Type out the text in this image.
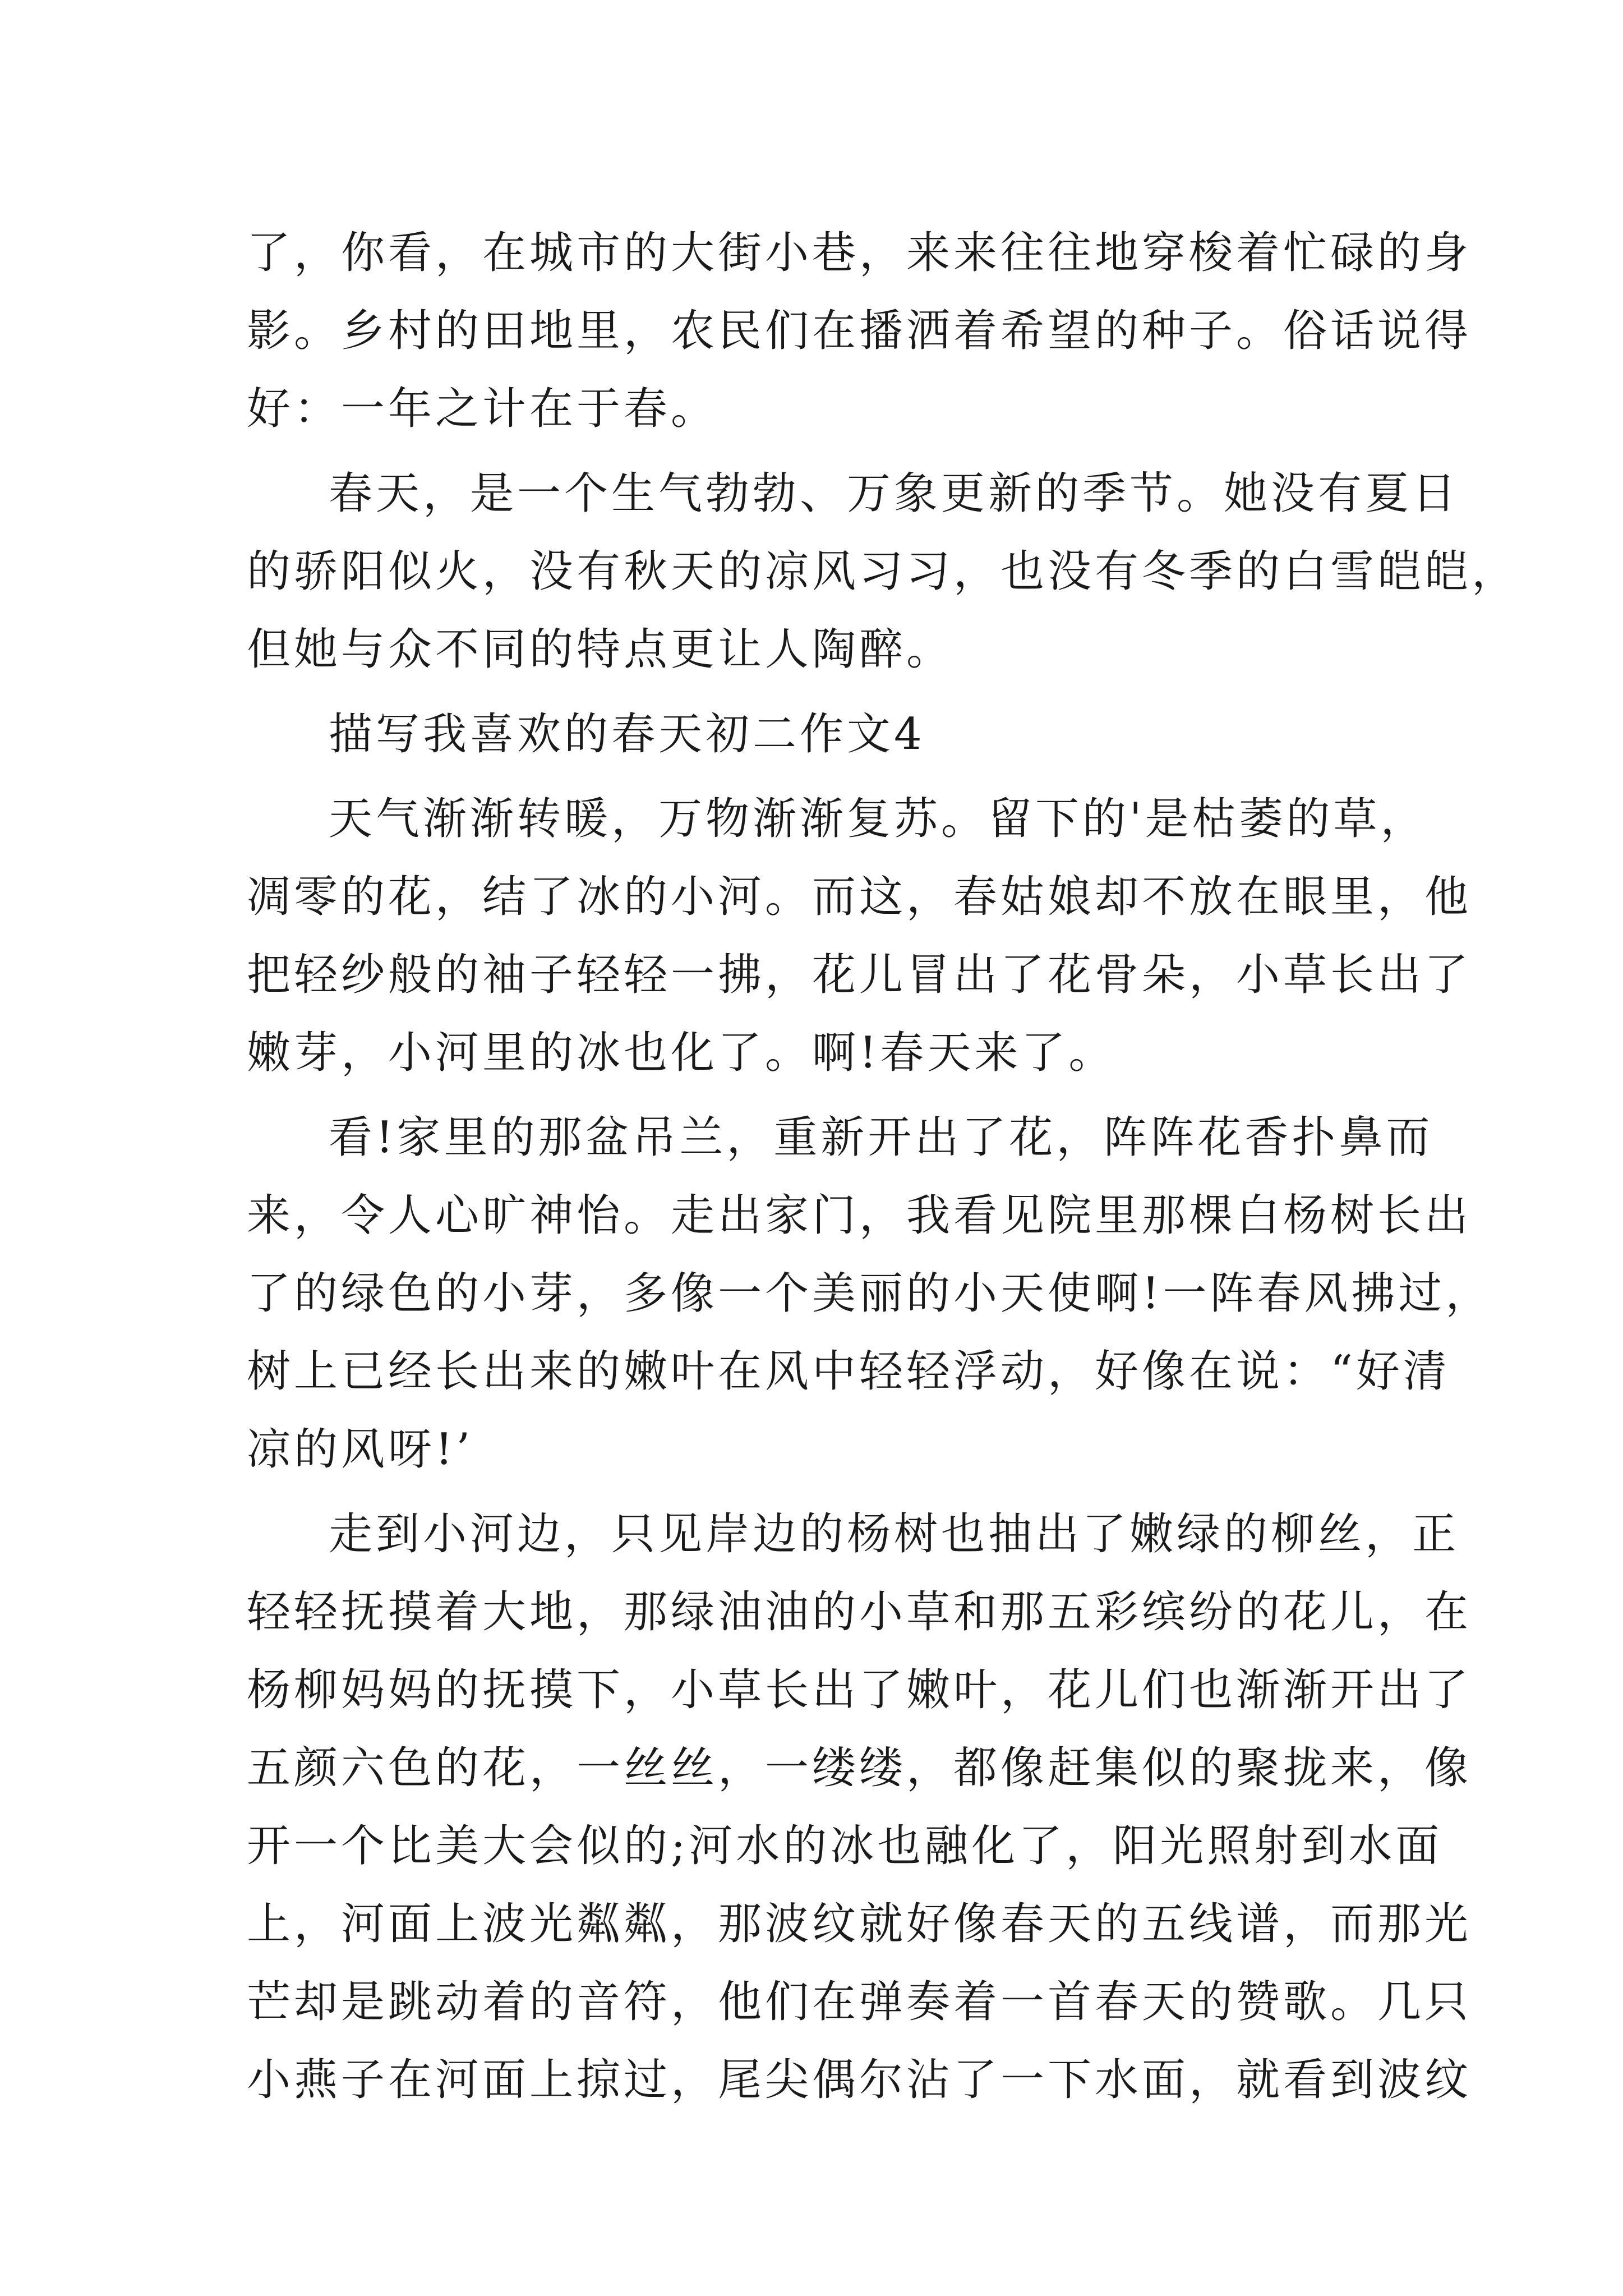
了，你看，在城市的大街小巷，来来往往地穿梭着忙碌的身
影。乡村的田地里，农民们在播洒着希望的种子。俗话说得
好：一年之计在于春。
春天，是一个生气勃勃、万象更新的季节。她没有夏日
的骄阳似火，没有秋天的凉风习习，也没有冬季的白雪皑皑，
但她与众不同的特点更让人陶醉。
描写我喜欢的春天初二作文4
天气渐渐转暖，万物渐渐复苏。留下的'是枯萎的草，
凋零的花，结了冰的小河。而这，春姑娘却不放在眼里，他
把轻纱般的袖子轻轻一拂，花儿冒出了花骨朵，小草长出了
嫩芽，小河里的冰也化了。啊!春天来了。
看!家里的那盆吊兰，重新开出了花，阵阵花香扑鼻而
来，令人心旷神怡。走出家门，我看见院里那棵白杨树长出
了的绿色的小芽，多像一个美丽的小天使啊!一阵春风拂过，
树上已经长出来的嫩叶在风中轻轻浮动，好像在说：“好清
凉的风呀!’
走到小河边，只见岸边的杨树也抽出了嫩绿的柳丝，正
轻轻抚摸着大地，那绿油油的小草和那五彩缤纷的花儿，在
杨柳妈妈的抚摸下，小草长出了嫩叶，花儿们也渐渐开出了
五颜六色的花，一丝丝，一缕缕，都像赶集似的聚拢来，像
开一个比美大会似的;河水的冰也融化了，阳光照射到水面
上，河面上波光粼粼，那波纹就好像春天的五线谱，而那光
芒却是跳动着的音符，他们在弹奏着一首春天的赞歌。几只
小燕子在河面上掠过，尾尖偶尔沾了一下水面，就看到波纹
